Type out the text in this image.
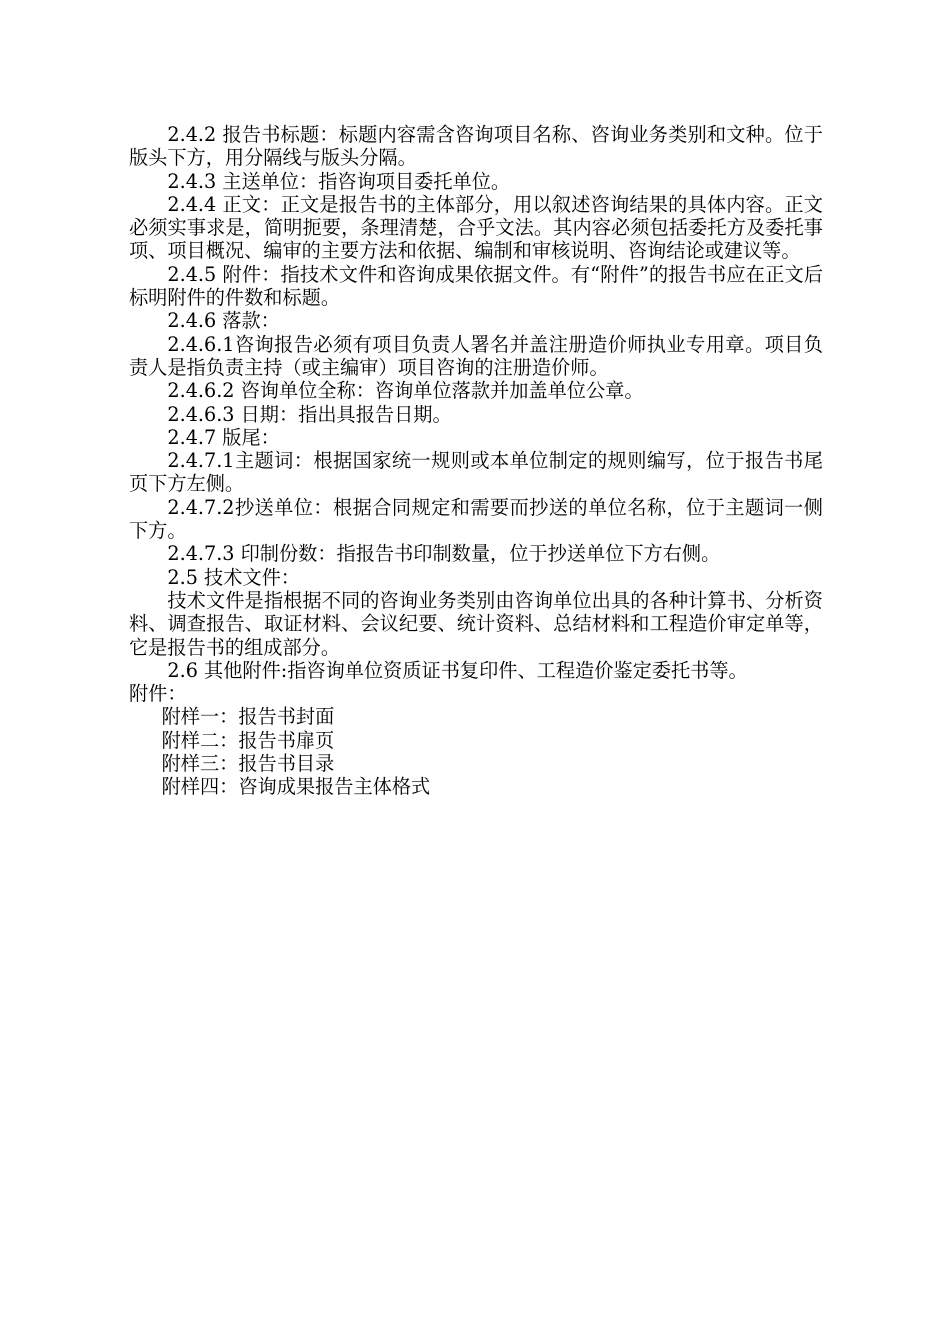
2.4.2 报告书标题：标题内容需含咨询项目名称、咨询业务类别和文种。位于版头下方，用分隔线与版头分隔。

2.4.3 主送单位：指咨询项目委托单位。

2.4.4 正文：正文是报告书的主体部分，用以叙述咨询结果的具体内容。正文必须实事求是，简明扼要，条理清楚，合乎文法。其内容必须包括委托方及委托事项、项目概况、编审的主要方法和依据、编制和审核说明、咨询结论或建议等。

2.4.5 附件：指技术文件和咨询成果依据文件。有“附件”的报告书应在正文后标明附件的件数和标题。

2.4.6 落款：

2.4.6.1咨询报告必须有项目负责人署名并盖注册造价师执业专用章。项目负责人是指负责主持（或主编审）项目咨询的注册造价师。

2.4.6.2 咨询单位全称：咨询单位落款并加盖单位公章。

2.4.6.3 日期：指出具报告日期。

2.4.7 版尾：

2.4.7.1主题词：根据国家统一规则或本单位制定的规则编写，位于报告书尾页下方左侧。

2.4.7.2抄送单位：根据合同规定和需要而抄送的单位名称，位于主题词一侧下方。

2.4.7.3 印制份数：指报告书印制数量，位于抄送单位下方右侧。

2.5 技术文件：

技术文件是指根据不同的咨询业务类别由咨询单位出具的各种计算书、分析资料、调查报告、取证材料、会议纪要、统计资料、总结材料和工程造价审定单等，它是报告书的组成部分。

2.6 其他附件:指咨询单位资质证书复印件、工程造价鉴定委托书等。

附件：

附样一：报告书封面

附样二：报告书扉页

附样三：报告书目录

附样四：咨询成果报告主体格式
